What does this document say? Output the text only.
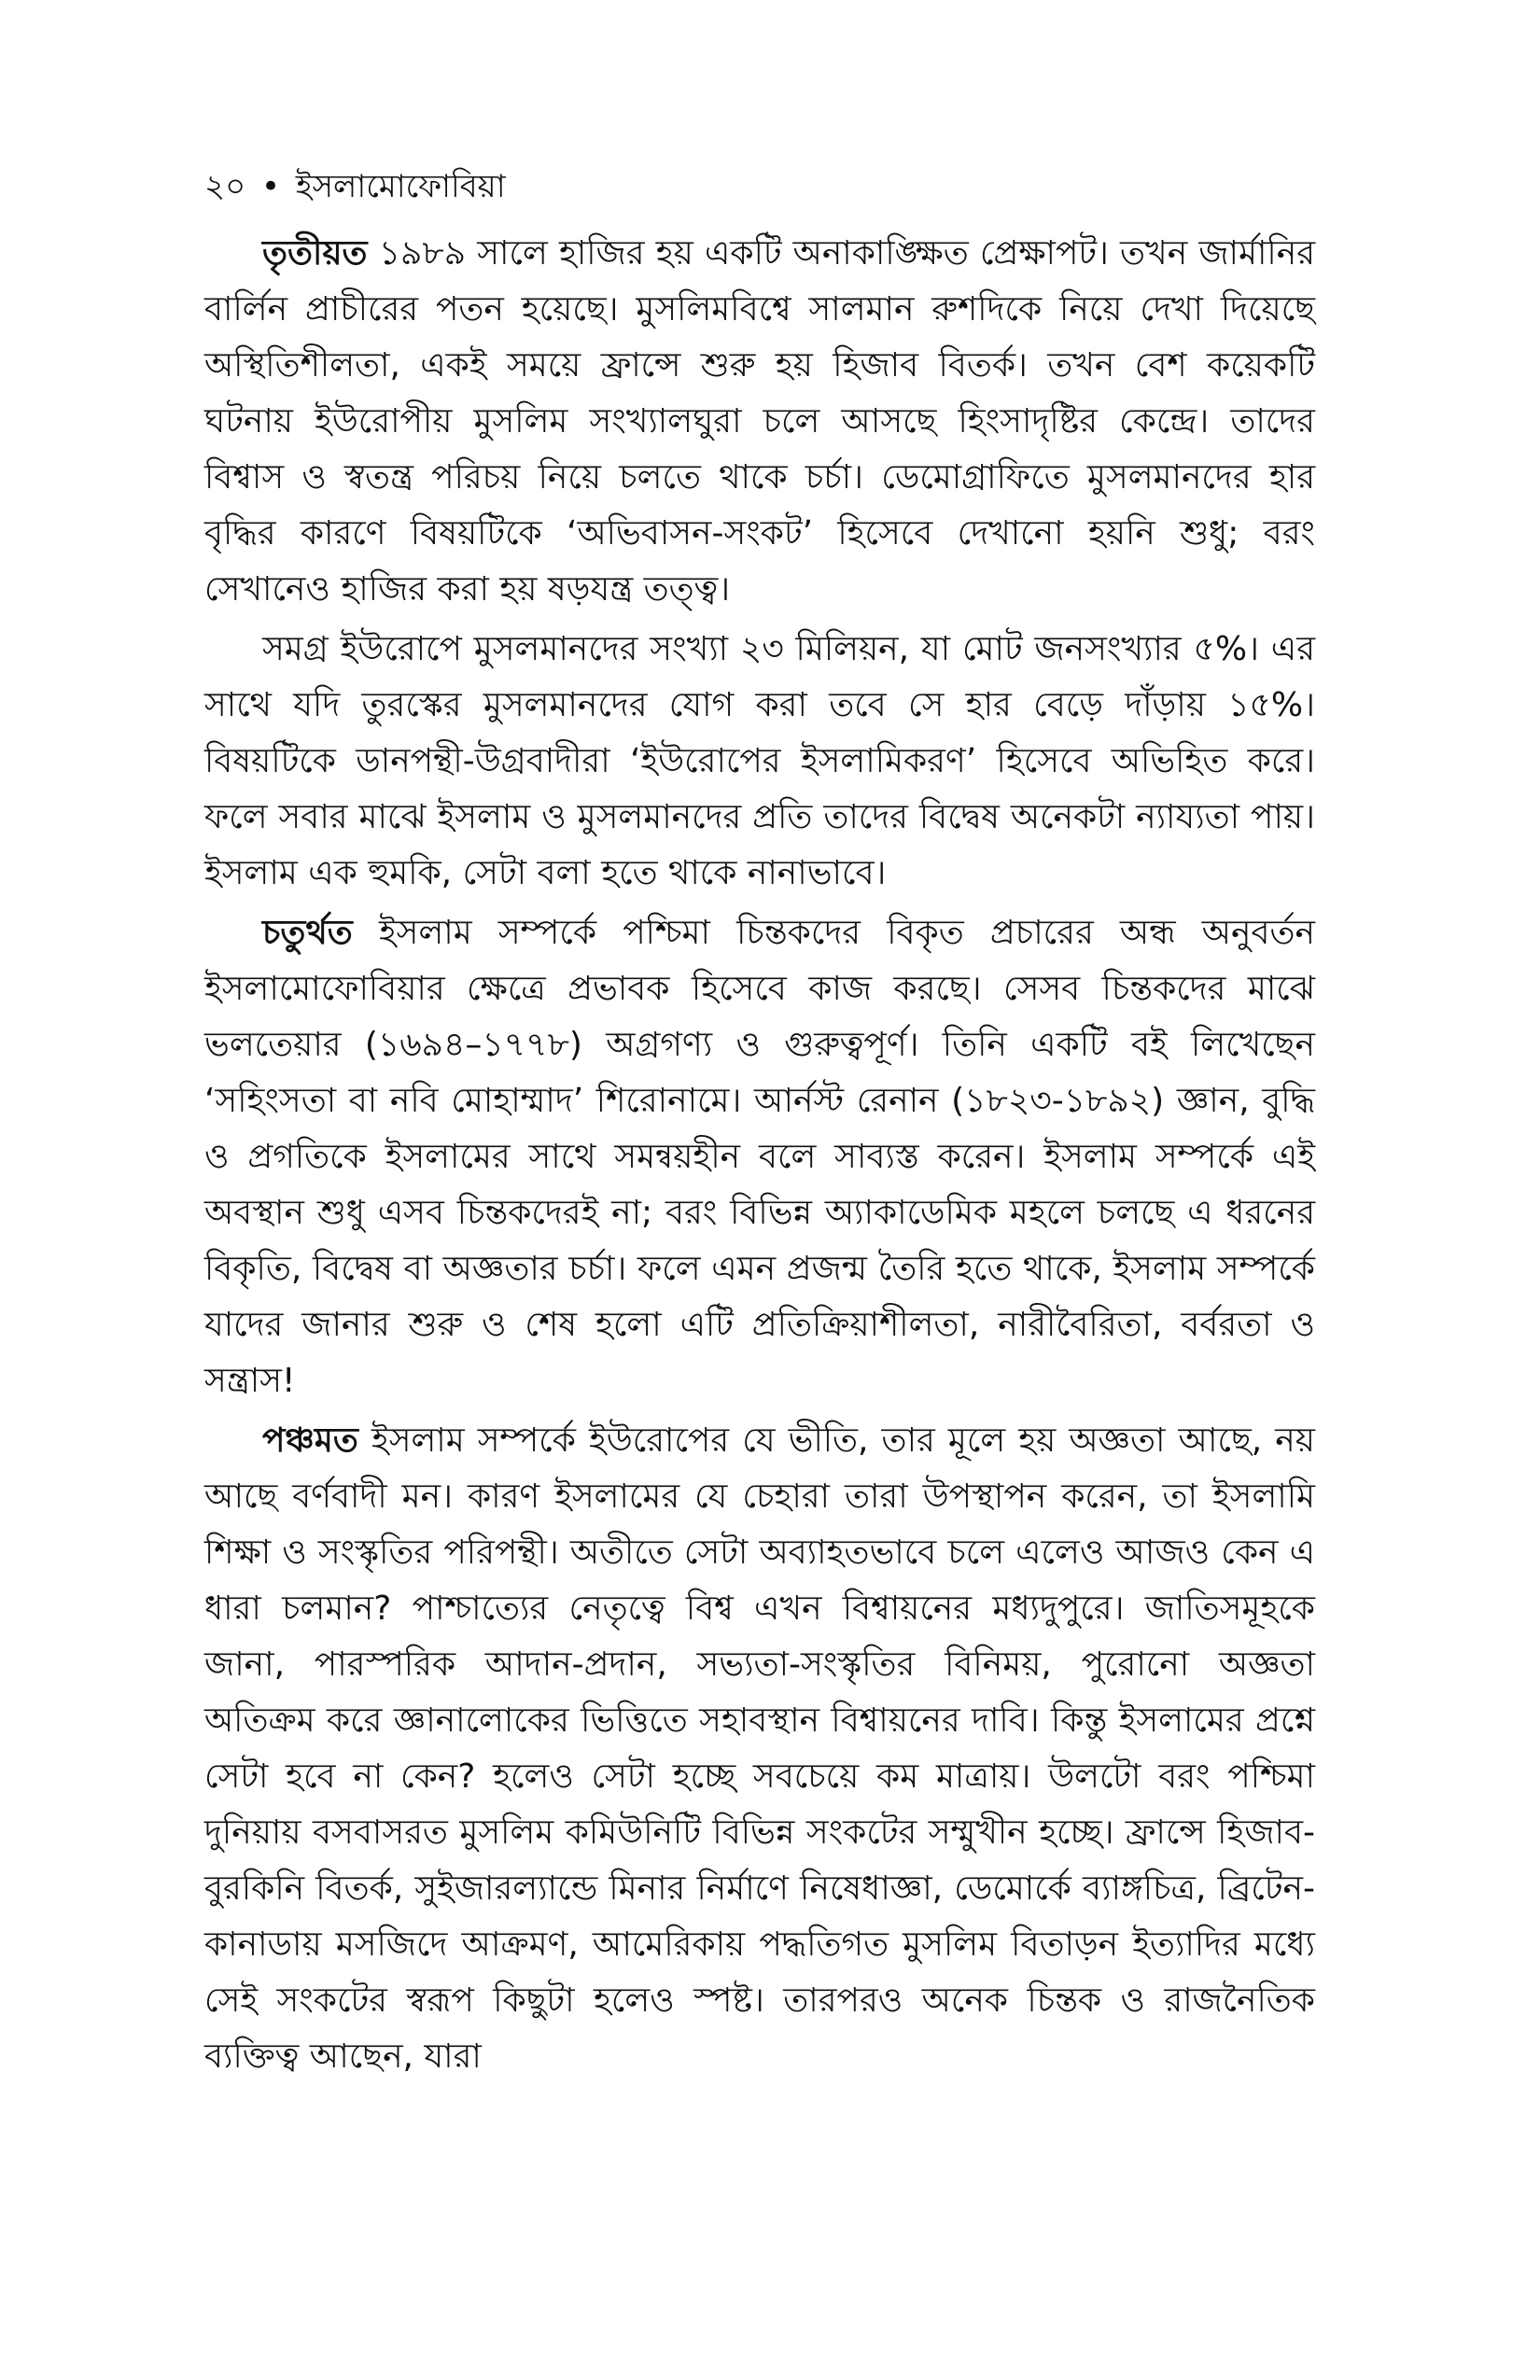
২০ • ইসলামোফোবিয়া

তৃতীয়ত ১৯৮৯ সালে হাজির হয় একটি অনাকাঙ্ক্ষিত প্রেক্ষাপট। তখন জার্মানির বার্লিন প্রাচীরের পতন হয়েছে। মুসলিমবিশ্বে সালমান রুশদিকে নিয়ে দেখা দিয়েছে অস্থিতিশীলতা, একই সময়ে ফ্রান্সে শুরু হয় হিজাব বিতর্ক। তখন বেশ কয়েকটি ঘটনায় ইউরোপীয় মুসলিম সংখ্যালঘুরা চলে আসছে হিংসাদৃষ্টির কেন্দ্রে। তাদের বিশ্বাস ও স্বতন্ত্র পরিচয় নিয়ে চলতে থাকে চর্চা। ডেমোগ্রাফিতে মুসলমানদের হার বৃদ্ধির কারণে বিষয়টিকে ‘অভিবাসন-সংকট’ হিসেবে দেখানো হয়নি শুধু; বরং সেখানেও হাজির করা হয় ষড়যন্ত্র তত্ত্ব।

সমগ্র ইউরোপে মুসলমানদের সংখ্যা ২৩ মিলিয়ন, যা মোট জনসংখ্যার ৫%। এর সাথে যদি তুরস্কের মুসলমানদের যোগ করা তবে সে হার বেড়ে দাঁড়ায় ১৫%। বিষয়টিকে ডানপন্থী-উগ্রবাদীরা ‘ইউরোপের ইসলামিকরণ’ হিসেবে অভিহিত করে। ফলে সবার মাঝে ইসলাম ও মুসলমানদের প্রতি তাদের বিদ্বেষ অনেকটা ন্যায্যতা পায়। ইসলাম এক হুমকি, সেটা বলা হতে থাকে নানাভাবে।

চতুর্থত ইসলাম সম্পর্কে পশ্চিমা চিন্তকদের বিকৃত প্রচারের অন্ধ অনুবর্তন ইসলামোফোবিয়ার ক্ষেত্রে প্রভাবক হিসেবে কাজ করছে। সেসব চিন্তকদের মাঝে ভলতেয়ার (১৬৯৪–১৭৭৮) অগ্রগণ্য ও গুরুত্বপূর্ণ। তিনি একটি বই লিখেছেন ‘সহিংসতা বা নবি মোহাম্মাদ’ শিরোনামে। আর্নস্ট রেনান (১৮২৩-১৮৯২) জ্ঞান, বুদ্ধি ও প্রগতিকে ইসলামের সাথে সমন্বয়হীন বলে সাব্যস্ত করেন। ইসলাম সম্পর্কে এই অবস্থান শুধু এসব চিন্তকদেরই না; বরং বিভিন্ন অ্যাকাডেমিক মহলে চলছে এ ধরনের বিকৃতি, বিদ্বেষ বা অজ্ঞতার চর্চা। ফলে এমন প্রজন্ম তৈরি হতে থাকে, ইসলাম সম্পর্কে যাদের জানার শুরু ও শেষ হলো এটি প্রতিক্রিয়াশীলতা, নারীবৈরিতা, বর্বরতা ও সন্ত্রাস!

পঞ্চমত ইসলাম সম্পর্কে ইউরোপের যে ভীতি, তার মূলে হয় অজ্ঞতা আছে, নয় আছে বর্ণবাদী মন। কারণ ইসলামের যে চেহারা তারা উপস্থাপন করেন, তা ইসলামি শিক্ষা ও সংস্কৃতির পরিপন্থী। অতীতে সেটা অব্যাহতভাবে চলে এলেও আজও কেন এ ধারা চলমান? পাশ্চাত্যের নেতৃত্বে বিশ্ব এখন বিশ্বায়নের মধ্যদুপুরে। জাতিসমূহকে জানা, পারস্পরিক আদান-প্রদান, সভ্যতা-সংস্কৃতির বিনিময়, পুরোনো অজ্ঞতা অতিক্রম করে জ্ঞানালোকের ভিত্তিতে সহাবস্থান বিশ্বায়নের দাবি। কিন্তু ইসলামের প্রশ্নে সেটা হবে না কেন? হলেও সেটা হচ্ছে সবচেয়ে কম মাত্রায়। উলটো বরং পশ্চিমা দুনিয়ায় বসবাসরত মুসলিম কমিউনিটি বিভিন্ন সংকটের সম্মুখীন হচ্ছে। ফ্রান্সে হিজাব-বুরকিনি বিতর্ক, সুইজারল্যান্ডে মিনার নির্মাণে নিষেধাজ্ঞা, ডেমোর্কে ব্যাঙ্গচিত্র, ব্রিটেন-কানাডায় মসজিদে আক্রমণ, আমেরিকায় পদ্ধতিগত মুসলিম বিতাড়ন ইত্যাদির মধ্যে সেই সংকটের স্বরূপ কিছুটা হলেও স্পষ্ট। তারপরও অনেক চিন্তক ও রাজনৈতিক ব্যক্তিত্ব আছেন, যারা
